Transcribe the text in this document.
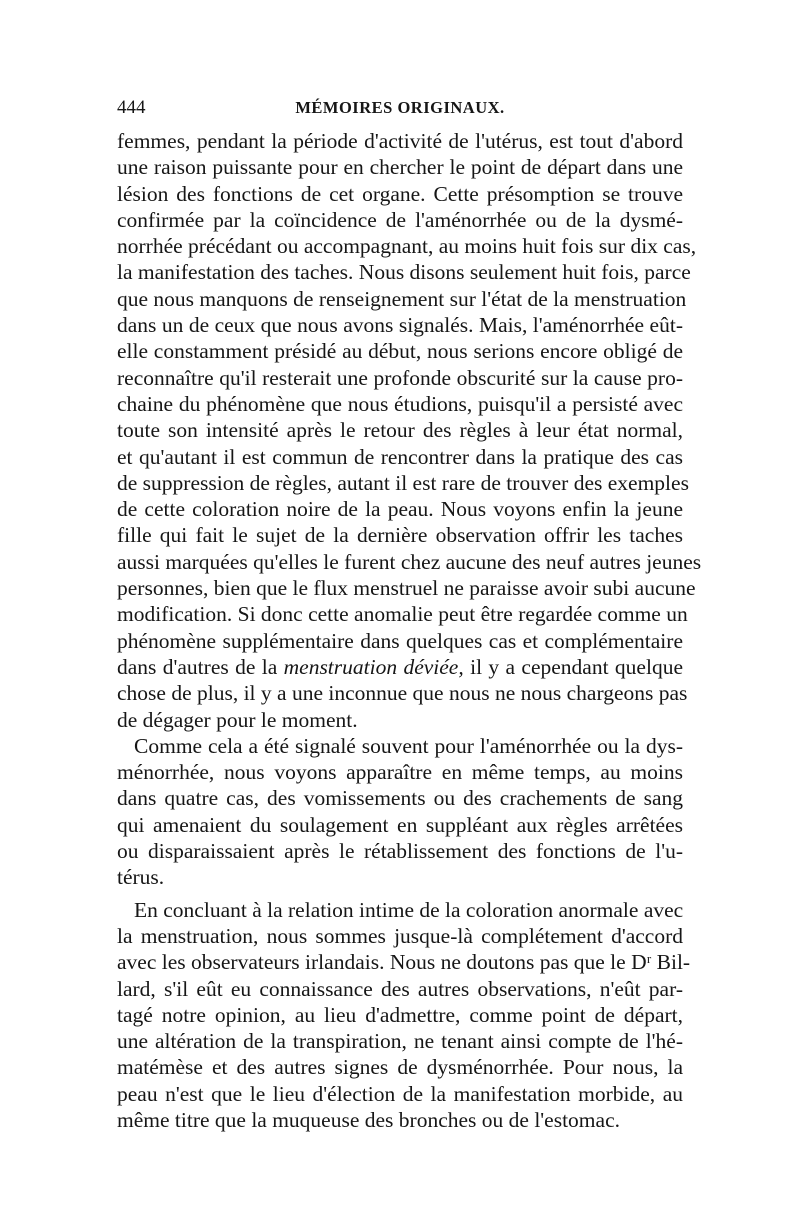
444	MÉMOIRES ORIGINAUX.
femmes, pendant la période d'activité de l'utérus, est tout d'abord
une raison puissante pour en chercher le point de départ dans une
lésion des fonctions de cet organe. Cette présomption se trouve
confirmée par la coïncidence de l'aménorrhée ou de la dysmé-
norrhée précédant ou accompagnant, au moins huit fois sur dix cas,
la manifestation des taches. Nous disons seulement huit fois, parce
que nous manquons de renseignement sur l'état de la menstruation
dans un de ceux que nous avons signalés. Mais, l'aménorrhée eût-
elle constamment présidé au début, nous serions encore obligé de
reconnaître qu'il resterait une profonde obscurité sur la cause pro-
chaine du phénomène que nous étudions, puisqu'il a persisté avec
toute son intensité après le retour des règles à leur état normal,
et qu'autant il est commun de rencontrer dans la pratique des cas
de suppression de règles, autant il est rare de trouver des exemples
de cette coloration noire de la peau. Nous voyons enfin la jeune
fille qui fait le sujet de la dernière observation offrir les taches
aussi marquées qu'elles le furent chez aucune des neuf autres jeunes
personnes, bien que le flux menstruel ne paraisse avoir subi aucune
modification. Si donc cette anomalie peut être regardée comme un
phénomène supplémentaire dans quelques cas et complémentaire
dans d'autres de la menstruation déviée, il y a cependant quelque
chose de plus, il y a une inconnue que nous ne nous chargeons pas
de dégager pour le moment.
Comme cela a été signalé souvent pour l'aménorrhée ou la dys-
ménorrhée, nous voyons apparaître en même temps, au moins
dans quatre cas, des vomissements ou des crachements de sang
qui amenaient du soulagement en suppléant aux règles arrêtées
ou disparaissaient après le rétablissement des fonctions de l'u-
térus.
En concluant à la relation intime de la coloration anormale avec
la menstruation, nous sommes jusque-là complétement d'accord
avec les observateurs irlandais. Nous ne doutons pas que le Dʳ Bil-
lard, s'il eût eu connaissance des autres observations, n'eût par-
tagé notre opinion, au lieu d'admettre, comme point de départ,
une altération de la transpiration, ne tenant ainsi compte de l'hé-
matémèse et des autres signes de dysménorrhée. Pour nous, la
peau n'est que le lieu d'élection de la manifestation morbide, au
même titre que la muqueuse des bronches ou de l'estomac.
